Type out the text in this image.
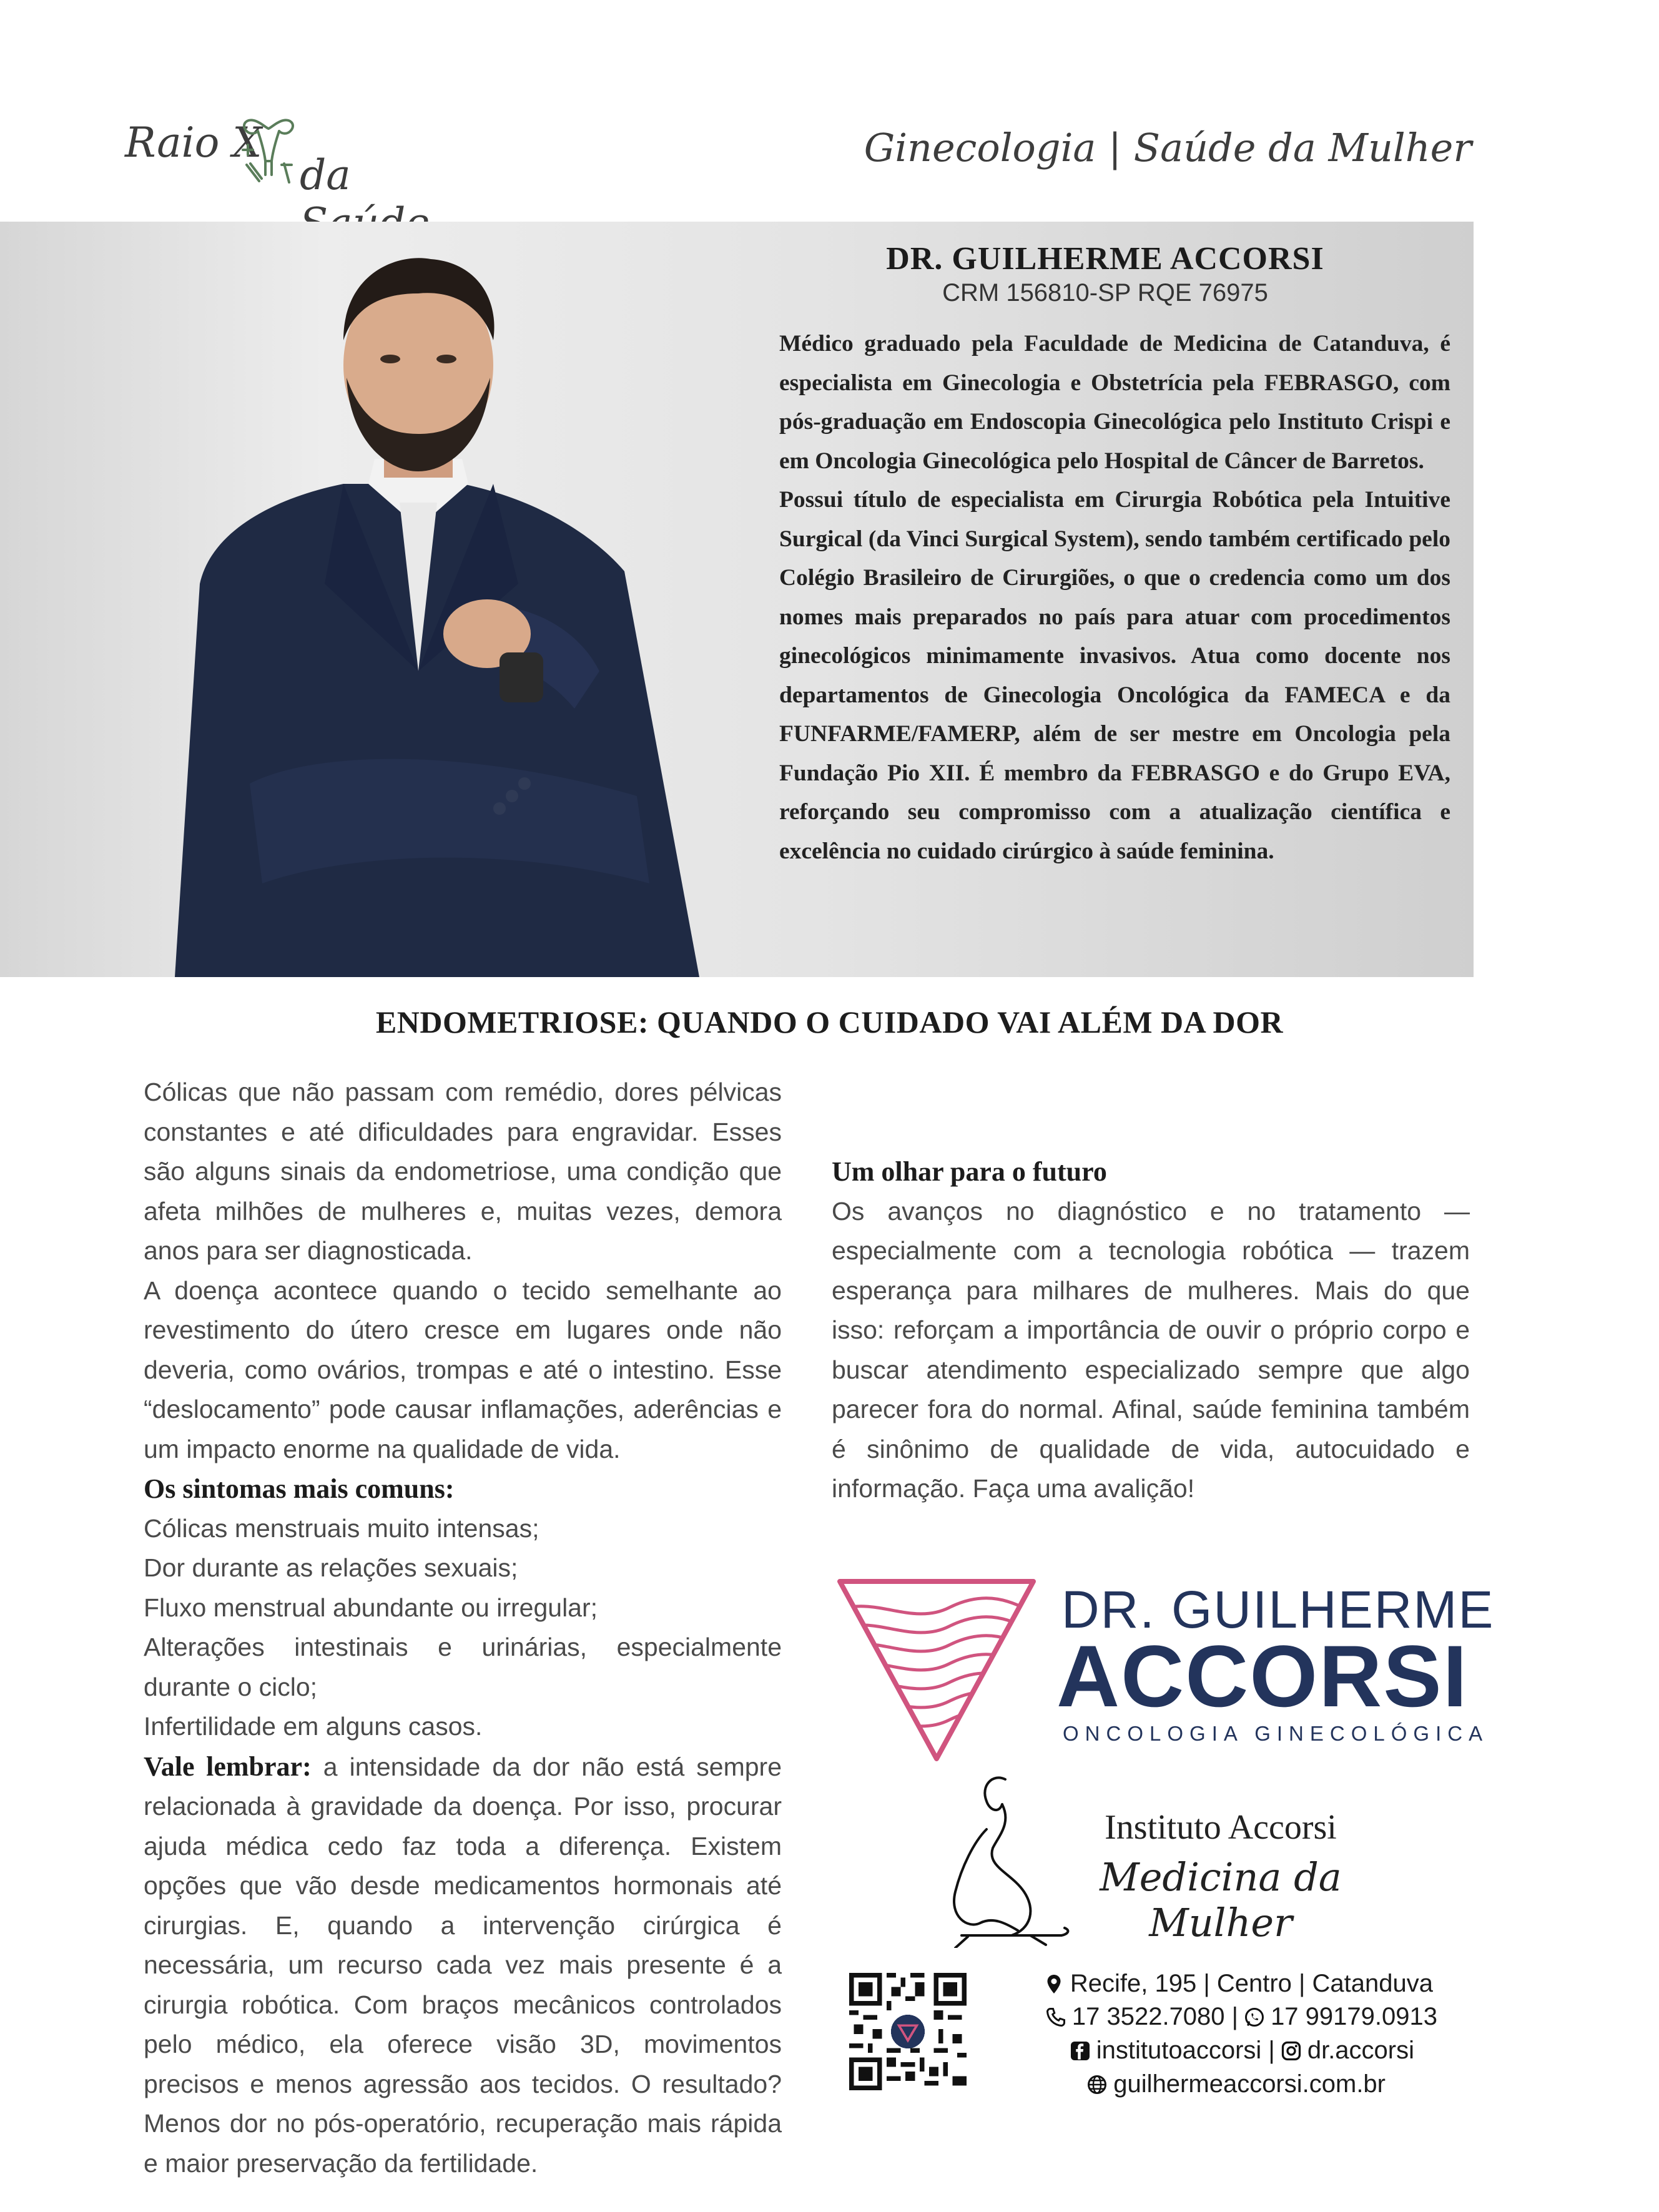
Raio X
da
Ginecologia | Saúde da Mulher
DR. GUILHERME ACCORSI
CRM 156810-SP RQE 76975

Médico graduado pela Faculdade de Medicina de Catanduva, é especialista em Ginecologia e Obstetrícia pela FEBRASGO, com pós-graduação em Endoscopia Ginecológica pelo Instituto Crispi e em Oncologia Ginecológica pelo Hospital de Câncer de Barretos.

Possui título de especialista em Cirurgia Robótica pela Intuitive Surgical (da Vinci Surgical System), sendo também certificado pelo Colégio Brasileiro de Cirurgiões, o que o credencia como um dos nomes mais preparados no país para atuar com procedimentos ginecológicos minimamente invasivos. Atua como docente nos departamentos de Ginecologia Oncológica da FAMECA e da FUNFARME/FAMERP, além de ser mestre em Oncologia pela Fundação Pio XII. É membro da FEBRASGO e do Grupo EVA, reforçando seu compromisso com a atualização científica e excelência no cuidado cirúrgico à saúde feminina.

ENDOMETRIOSE: QUANDO O CUIDADO VAI ALÉM DA DOR

Cólicas que não passam com remédio, dores pélvicas constantes e até dificuldades para engravidar. Esses são alguns sinais da endometriose, uma condição que afeta milhões de mulheres e, muitas vezes, demora anos para ser diagnosticada.

A doença acontece quando o tecido semelhante ao revestimento do útero cresce em lugares onde não deveria, como ovários, trompas e até o intestino. Esse “deslocamento” pode causar inflamações, aderências e um impacto enorme na qualidade de vida.

Os sintomas mais comuns:

Cólicas menstruais muito intensas;

Dor durante as relações sexuais;

Fluxo menstrual abundante ou irregular;

Alterações intestinais e urinárias, especialmente durante o ciclo;

Infertilidade em alguns casos.

Vale lembrar: a intensidade da dor não está sempre relacionada à gravidade da doença. Por isso, procurar ajuda médica cedo faz toda a diferença. Existem opções que vão desde medicamentos hormonais até cirurgias. E, quando a intervenção cirúrgica é necessária, um recurso cada vez mais presente é a cirurgia robótica. Com braços mecânicos controlados pelo médico, ela oferece visão 3D, movimentos precisos e menos agressão aos tecidos. O resultado? Menos dor no pós-operatório, recuperação mais rápida e maior preservação da fertilidade.

Um olhar para o futuro

Os avanços no diagnóstico e no tratamento — especialmente com a tecnologia robótica — trazem esperança para milhares de mulheres. Mais do que isso: reforçam a importância de ouvir o próprio corpo e buscar atendimento especializado sempre que algo parecer fora do normal. Afinal, saúde feminina também é sinônimo de qualidade de vida, autocuidado e informação. Faça uma avalição!

DR. GUILHERME
ACCORSI
ONCOLOGIA GINECOLÓGICA
Instituto Accorsi
Medicina da Mulher
Recife, 195 | Centro | Catanduva
17 3522.7080 | 17 99179.0913
institutoaccorsi | dr.accorsi
guilhermeaccorsi.com.br
